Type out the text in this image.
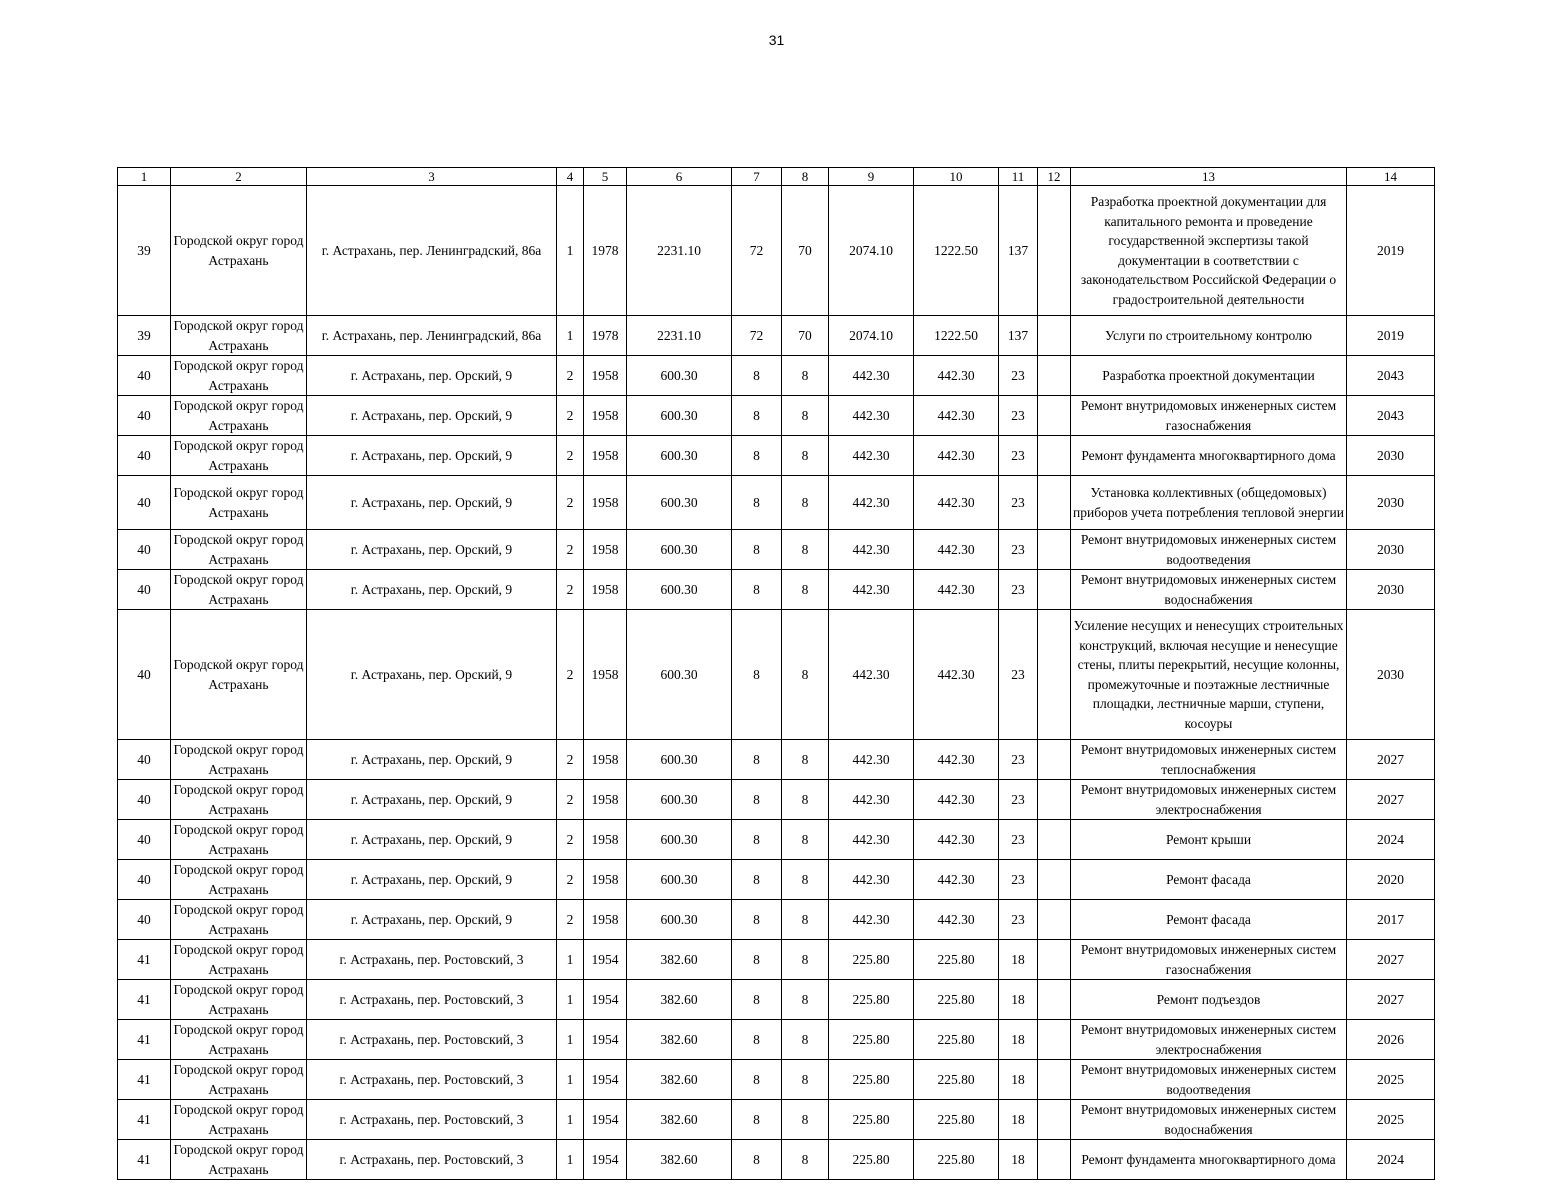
31
1	2	3	4	5	6	7	8	9	10	11	12	13	14
39	Городской округ город Астрахань	г. Астрахань, пер. Ленинградский, 86а	1	1978	2231.10	72	70	2074.10	1222.50	137		Разработка проектной документации для капитального ремонта и проведение государственной экспертизы такой документации в соответствии с законодательством Российской Федерации о градостроительной деятельности	2019
39	Городской округ город Астрахань	г. Астрахань, пер. Ленинградский, 86а	1	1978	2231.10	72	70	2074.10	1222.50	137		Услуги по строительному контролю	2019
40	Городской округ город Астрахань	г. Астрахань, пер. Орский, 9	2	1958	600.30	8	8	442.30	442.30	23		Разработка проектной документации	2043
40	Городской округ город Астрахань	г. Астрахань, пер. Орский, 9	2	1958	600.30	8	8	442.30	442.30	23		Ремонт внутридомовых инженерных систем газоснабжения	2043
40	Городской округ город Астрахань	г. Астрахань, пер. Орский, 9	2	1958	600.30	8	8	442.30	442.30	23		Ремонт фундамента многоквартирного дома	2030
40	Городской округ город Астрахань	г. Астрахань, пер. Орский, 9	2	1958	600.30	8	8	442.30	442.30	23		Установка коллективных (общедомовых) приборов учета потребления тепловой энергии	2030
40	Городской округ город Астрахань	г. Астрахань, пер. Орский, 9	2	1958	600.30	8	8	442.30	442.30	23		Ремонт внутридомовых инженерных систем водоотведения	2030
40	Городской округ город Астрахань	г. Астрахань, пер. Орский, 9	2	1958	600.30	8	8	442.30	442.30	23		Ремонт внутридомовых инженерных систем водоснабжения	2030
40	Городской округ город Астрахань	г. Астрахань, пер. Орский, 9	2	1958	600.30	8	8	442.30	442.30	23		Усиление несущих и ненесущих строительных конструкций, включая несущие и ненесущие стены, плиты перекрытий, несущие колонны, промежуточные и поэтажные лестничные площадки, лестничные марши, ступени, косоуры	2030
40	Городской округ город Астрахань	г. Астрахань, пер. Орский, 9	2	1958	600.30	8	8	442.30	442.30	23		Ремонт внутридомовых инженерных систем теплоснабжения	2027
40	Городской округ город Астрахань	г. Астрахань, пер. Орский, 9	2	1958	600.30	8	8	442.30	442.30	23		Ремонт внутридомовых инженерных систем электроснабжения	2027
40	Городской округ город Астрахань	г. Астрахань, пер. Орский, 9	2	1958	600.30	8	8	442.30	442.30	23		Ремонт крыши	2024
40	Городской округ город Астрахань	г. Астрахань, пер. Орский, 9	2	1958	600.30	8	8	442.30	442.30	23		Ремонт фасада	2020
40	Городской округ город Астрахань	г. Астрахань, пер. Орский, 9	2	1958	600.30	8	8	442.30	442.30	23		Ремонт фасада	2017
41	Городской округ город Астрахань	г. Астрахань, пер. Ростовский, 3	1	1954	382.60	8	8	225.80	225.80	18		Ремонт внутридомовых инженерных систем газоснабжения	2027
41	Городской округ город Астрахань	г. Астрахань, пер. Ростовский, 3	1	1954	382.60	8	8	225.80	225.80	18		Ремонт подъездов	2027
41	Городской округ город Астрахань	г. Астрахань, пер. Ростовский, 3	1	1954	382.60	8	8	225.80	225.80	18		Ремонт внутридомовых инженерных систем электроснабжения	2026
41	Городской округ город Астрахань	г. Астрахань, пер. Ростовский, 3	1	1954	382.60	8	8	225.80	225.80	18		Ремонт внутридомовых инженерных систем водоотведения	2025
41	Городской округ город Астрахань	г. Астрахань, пер. Ростовский, 3	1	1954	382.60	8	8	225.80	225.80	18		Ремонт внутридомовых инженерных систем водоснабжения	2025
41	Городской округ город Астрахань	г. Астрахань, пер. Ростовский, 3	1	1954	382.60	8	8	225.80	225.80	18		Ремонт фундамента многоквартирного дома	2024
